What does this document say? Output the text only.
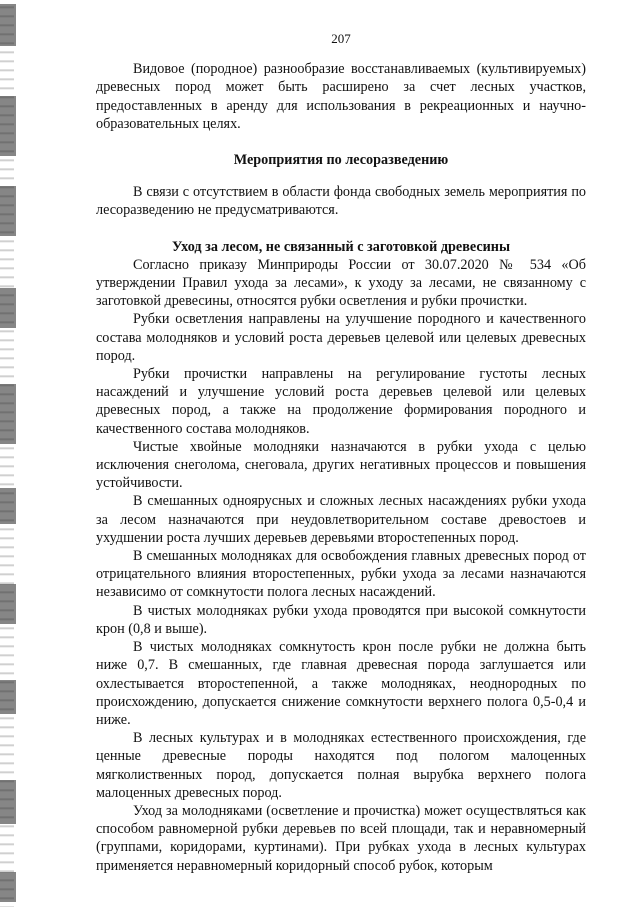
207

Видовое (породное) разнообразие восстанавливаемых (культивируемых) древесных пород может быть расширено за счет лесных участков, предоставленных в аренду для использования в рекреационных и научно-образовательных целях.

Мероприятия по лесоразведению

В связи с отсутствием в области фонда свободных земель мероприятия по лесоразведению не предусматриваются.

Уход за лесом, не связанный с заготовкой древесины

Согласно приказу Минприроды России от 30.07.2020 № 534 «Об утверждении Правил ухода за лесами», к уходу за лесами, не связанному с заготовкой древесины, относятся рубки осветления и рубки прочистки.

Рубки осветления направлены на улучшение породного и качественного состава молодняков и условий роста деревьев целевой или целевых древесных пород.

Рубки прочистки направлены на регулирование густоты лесных насаждений и улучшение условий роста деревьев целевой или целевых древесных пород, а также на продолжение формирования породного и качественного состава молодняков.

Чистые хвойные молодняки назначаются в рубки ухода с целью исключения снеголома, снеговала, других негативных процессов и повышения устойчивости.

В смешанных одноярусных и сложных лесных насаждениях рубки ухода за лесом назначаются при неудовлетворительном составе древостоев и ухудшении роста лучших деревьев деревьями второстепенных пород.

В смешанных молодняках для освобождения главных древесных пород от отрицательного влияния второстепенных, рубки ухода за лесами назначаются независимо от сомкнутости полога лесных насаждений.

В чистых молодняках рубки ухода проводятся при высокой сомкнутости крон (0,8 и выше).

В чистых молодняках сомкнутость крон после рубки не должна быть ниже 0,7. В смешанных, где главная древесная порода заглушается или охлестывается второстепенной, а также молодняках, неоднородных по происхождению, допускается снижение сомкнутости верхнего полога 0,5-0,4 и ниже.

В лесных культурах и в молодняках естественного происхождения, где ценные древесные породы находятся под пологом малоценных мягколиственных пород, допускается полная вырубка верхнего полога малоценных древесных пород.

Уход за молодняками (осветление и прочистка) может осуществляться как способом равномерной рубки деревьев по всей площади, так и неравномерный (группами, коридорами, куртинами). При рубках ухода в лесных культурах применяется неравномерный коридорный способ рубок, которым
